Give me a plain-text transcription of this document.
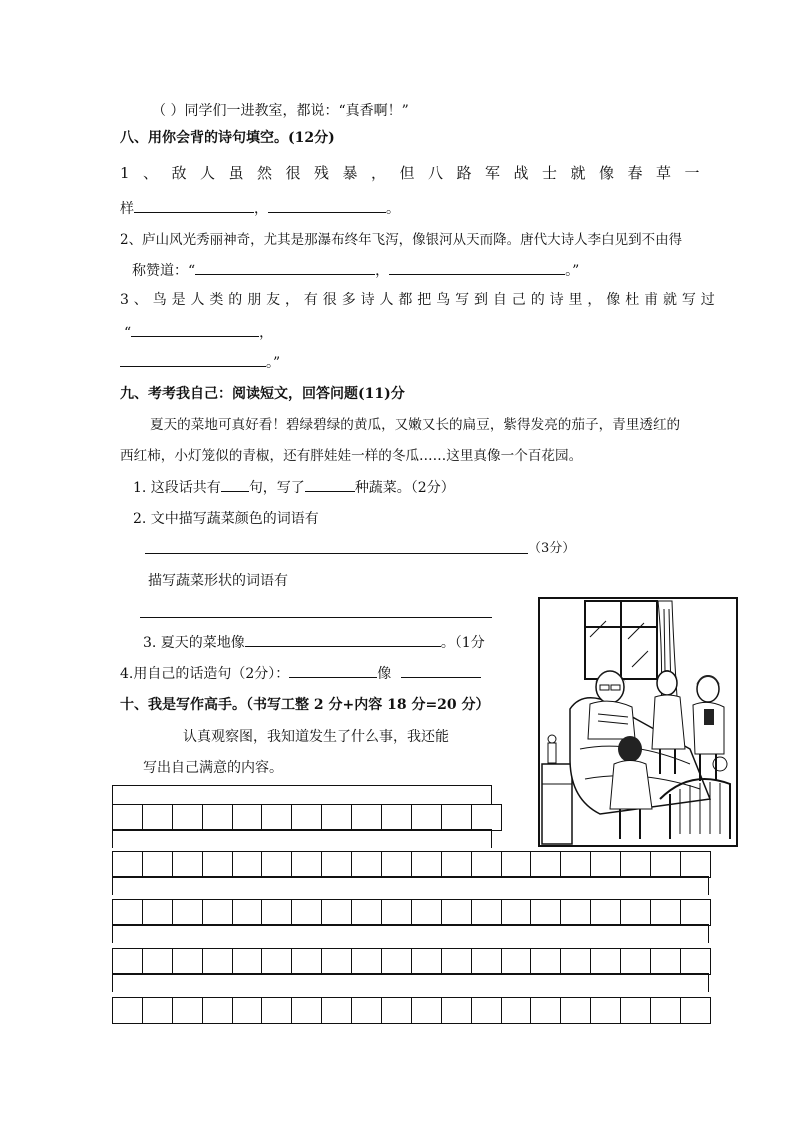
（ ）同学们一进教室，都说：“真香啊！”
八、用你会背的诗句填空。(12分)
1、敌人虽然很残暴，但八路军战士就像春草一
样	，	。
2、庐山风光秀丽神奇，尤其是那瀑布终年飞泻，像银河从天而降。唐代大诗人李白见到不由得
称赞道：“	，	。”
3、鸟是人类的朋友，有很多诗人都把鸟写到自己的诗里，像杜甫就写过
“	，
。”
九、考考我自己：阅读短文，回答问题(11)分
夏天的菜地可真好看！碧绿碧绿的黄瓜，又嫩又长的扁豆，紫得发亮的茄子，青里透红的
西红柿，小灯笼似的青椒，还有胖娃娃一样的冬瓜……这里真像一个百花园。
1. 这段话共有 句，写了	种蔬菜。（2分）
2. 文中描写蔬菜颜色的词语有
（3分）
描写蔬菜形状的词语有
3. 夏天的菜地像	。（1分
4.用自己的话造句（2分）：	像
十、我是写作高手。（书写工整 2 分+内容 18 分=20 分）
认真观察图，我知道发生了什么事，我还能
写出自己满意的内容。
